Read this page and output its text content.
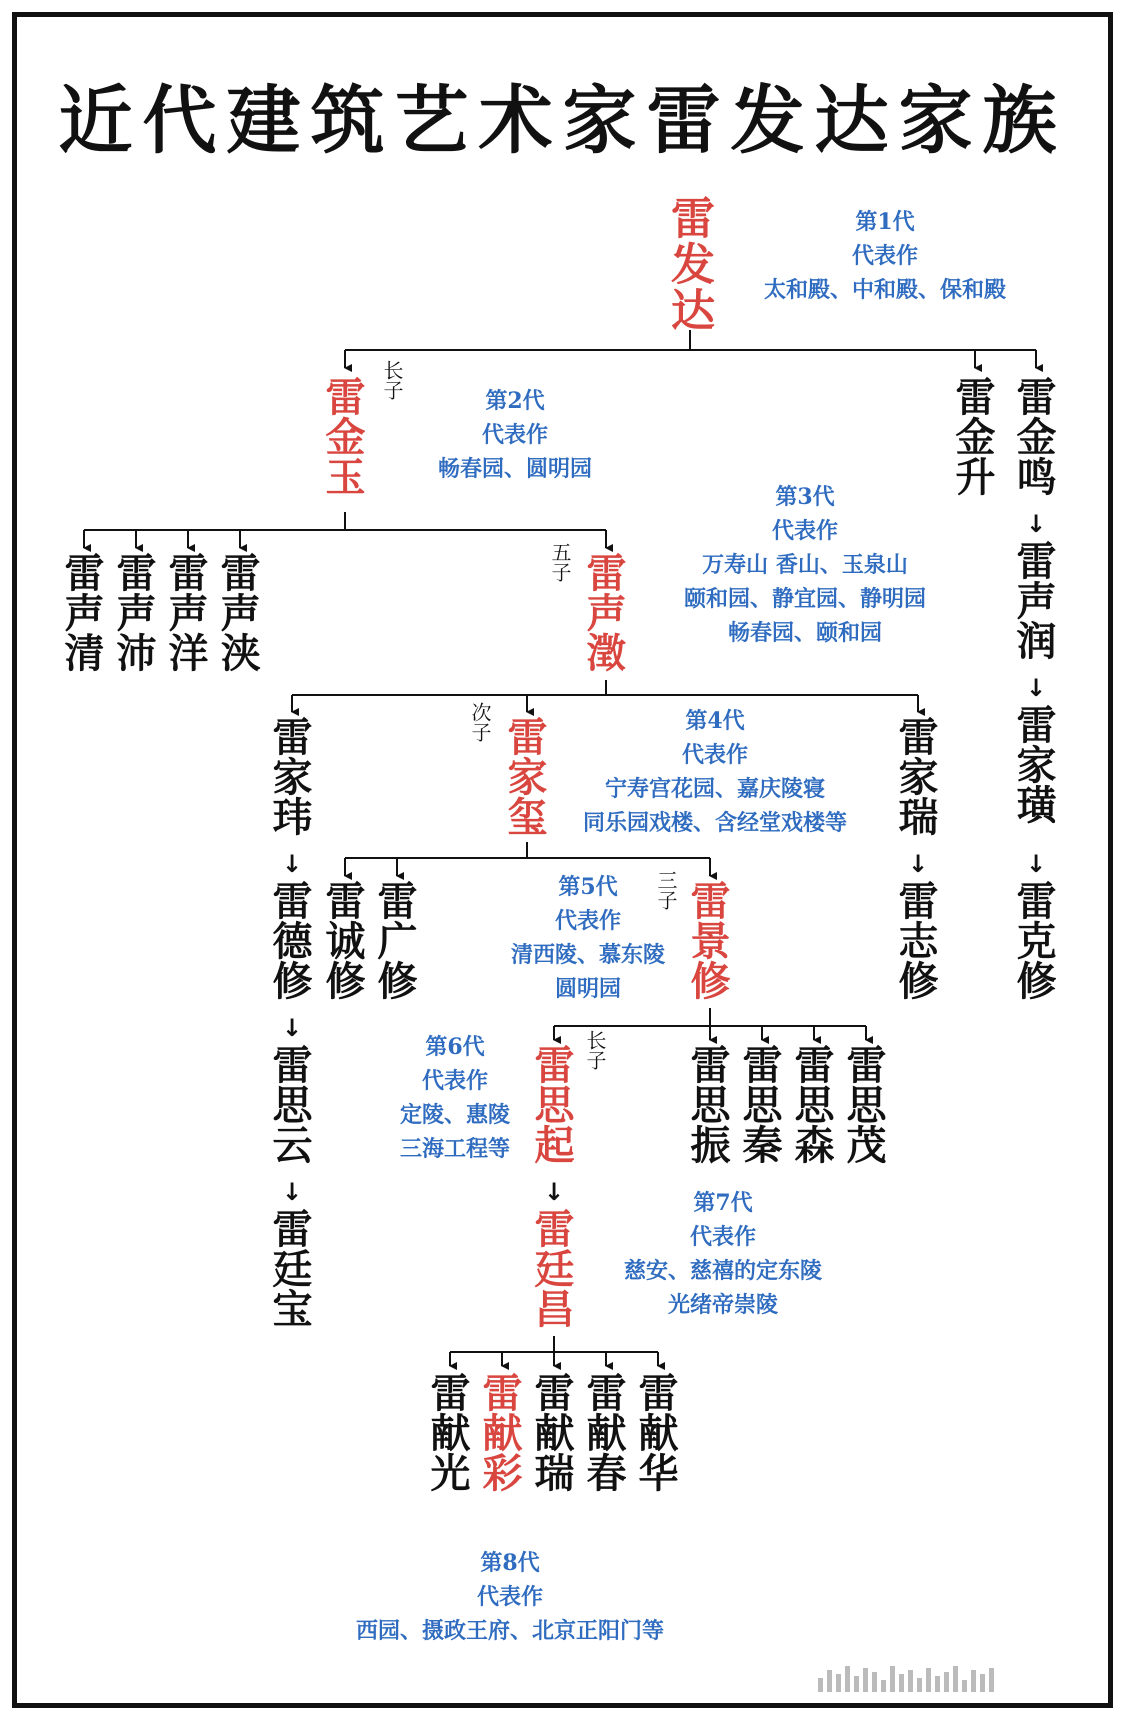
近代建筑艺术家雷发达家族
雷发达
雷金玉	雷金升 雷金鸣
雷声清 雷声沛 雷声洋 雷声浃	雷声澂
↓
雷声润
雷家玮	雷家玺	雷家瑞
↓
雷家璜
↓
雷德修 雷诚修 雷广修	雷景修
↓
雷志修
↓
雷克修
↓
雷思云	雷思起	雷思振 雷思秦 雷思森 雷思茂
↓
雷廷宝
↓
雷廷昌
雷献光 雷献彩 雷献瑞 雷献春 雷献华
长子
五子
次子
三子
长子
第1代
代表作
太和殿、中和殿、保和殿
第2代
代表作
畅春园、圆明园
第3代
代表作
万寿山 香山、玉泉山
颐和园、静宜园、静明园
畅春园、颐和园
第4代
代表作
宁寿宫花园、嘉庆陵寝
同乐园戏楼、含经堂戏楼等
第5代
代表作
清西陵、慕东陵
圆明园
第6代
代表作
定陵、惠陵
三海工程等
第7代
代表作
慈安、慈禧的定东陵
光绪帝崇陵
第8代
代表作
西园、摄政王府、北京正阳门等
